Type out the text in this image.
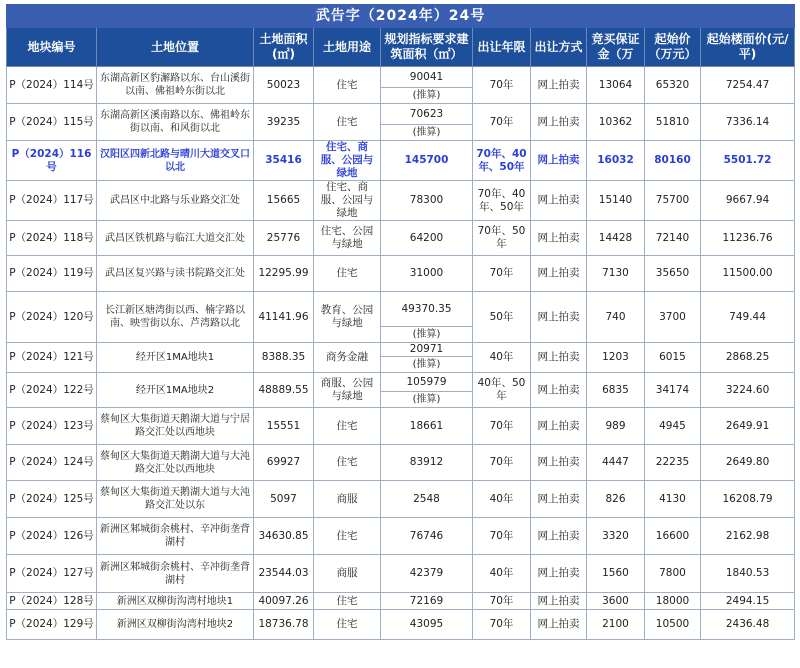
武告字（2024年）24号									
地块编号	土地位置	土地面积(㎡)	土地用途	规划指标要求建筑面积（㎡）	出让年限	出让方式	竞买保证金（万	起始价（万元）	起始楼面价(元/平)
P（2024）114号	东湖高新区豹澥路以东、台山溪街以南、佛祖岭东街以北	50023	住宅	90041	70年	网上拍卖	13064	65320	7254.47
				(推算)					
P（2024）115号	东湖高新区溪南路以东、佛祖岭东街以南、和风街以北	39235	住宅	70623	70年	网上拍卖	10362	51810	7336.14
				(推算)					
P（2024）116号	汉阳区四新北路与晴川大道交叉口以北	35416	住宅、商服、公园与绿地	145700	70年、40年、50年	网上拍卖	16032	80160	5501.72
P（2024）117号	武昌区中北路与乐业路交汇处	15665	住宅、商服、公园与绿地	78300	70年、40年、50年	网上拍卖	15140	75700	9667.94
P（2024）118号	武昌区铁机路与临江大道交汇处	25776	住宅、公园与绿地	64200	70年、50年	网上拍卖	14428	72140	11236.76
P（2024）119号	武昌区复兴路与读书院路交汇处	12295.99	住宅	31000	70年	网上拍卖	7130	35650	11500.00
P（2024）120号	长江新区塘湾街以西、楠字路以南、映雪街以东、芦湾路以北	41141.96	教育、公园与绿地	49370.35	50年	网上拍卖	740	3700	749.44
				(推算)					
P（2024）121号	经开区1MA地块1	8388.35	商务金融	20971	40年	网上拍卖	1203	6015	2868.25
				(推算)					
P（2024）122号	经开区1MA地块2	48889.55	商服、公园与绿地	105979	40年、50年	网上拍卖	6835	34174	3224.60
				(推算)					
P（2024）123号	蔡甸区大集街道天鹅湖大道与宁居路交汇处以西地块	15551	住宅	18661	70年	网上拍卖	989	4945	2649.91
P（2024）124号	蔡甸区大集街道天鹅湖大道与大沌路交汇处以西地块	69927	住宅	83912	70年	网上拍卖	4447	22235	2649.80
P（2024）125号	蔡甸区大集街道天鹅湖大道与大沌路交汇处以东	5097	商服	2548	40年	网上拍卖	826	4130	16208.79
P（2024）126号	新洲区邾城街余桃村、辛冲街垄背湖村	34630.85	住宅	76746	70年	网上拍卖	3320	16600	2162.98
P（2024）127号	新洲区邾城街余桃村、辛冲街垄背湖村	23544.03	商服	42379	40年	网上拍卖	1560	7800	1840.53
P（2024）128号	新洲区双柳街沟湾村地块1	40097.26	住宅	72169	70年	网上拍卖	3600	18000	2494.15
P（2024）129号	新洲区双柳街沟湾村地块2	18736.78	住宅	43095	70年	网上拍卖	2100	10500	2436.48
